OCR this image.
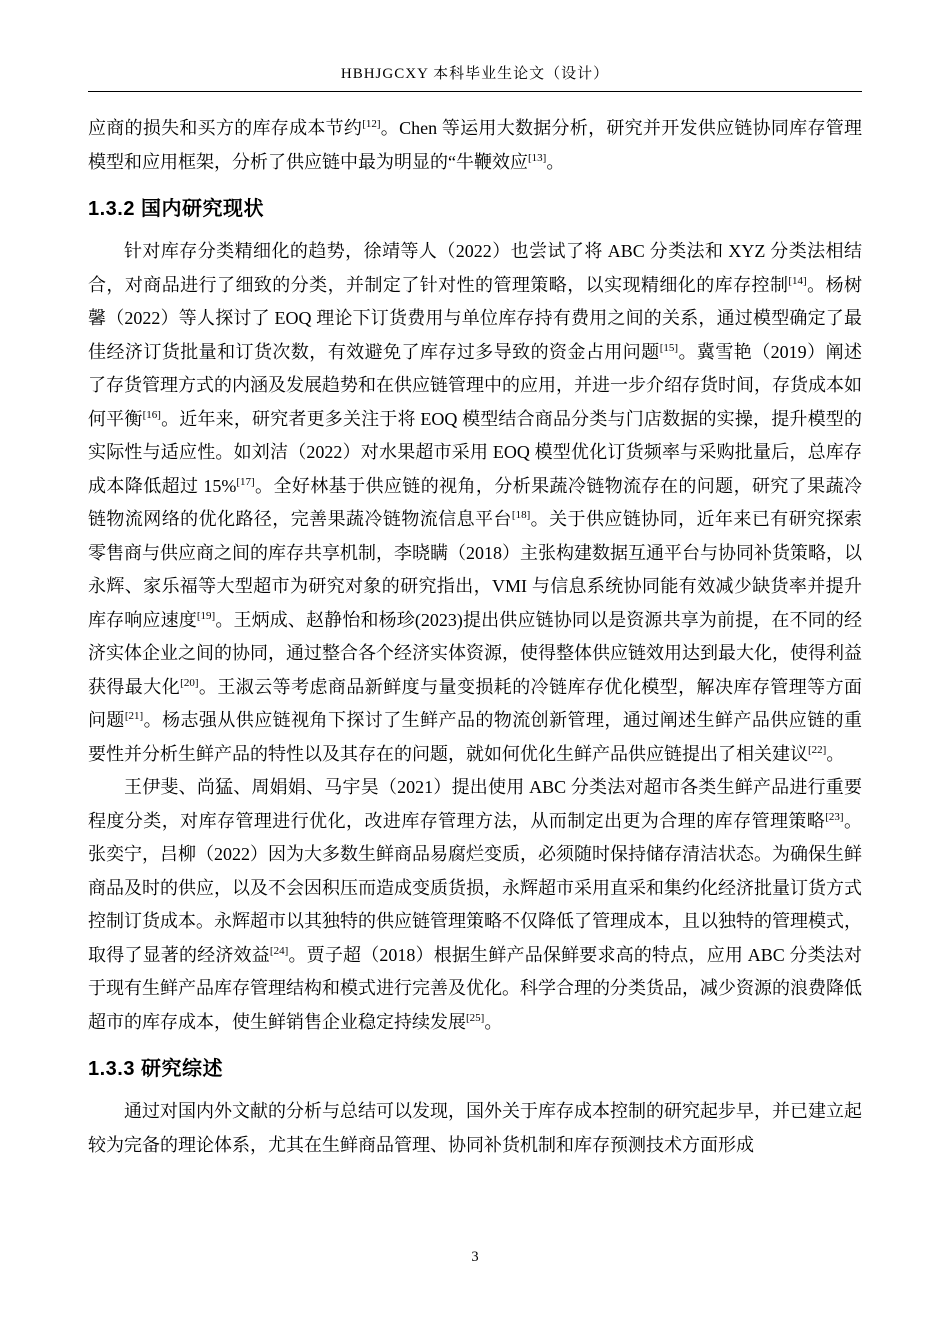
HBHJGCXY 本科毕业生论文（设计）

应商的损失和买方的库存成本节约[12]。Chen 等运用大数据分析，研究并开发供应链协同库存管理模型和应用框架，分析了供应链中最为明显的“牛鞭效应[13]。

1.3.2 国内研究现状

针对库存分类精细化的趋势，徐靖等人（2022）也尝试了将 ABC 分类法和 XYZ 分类法相结合，对商品进行了细致的分类，并制定了针对性的管理策略，以实现精细化的库存控制[14]。杨树馨（2022）等人探讨了 EOQ 理论下订货费用与单位库存持有费用之间的关系，通过模型确定了最佳经济订货批量和订货次数，有效避免了库存过多导致的资金占用问题[15]。冀雪艳（2019）阐述了存货管理方式的内涵及发展趋势和在供应链管理中的应用，并进一步介绍存货时间，存货成本如何平衡[16]。近年来，研究者更多关注于将 EOQ 模型结合商品分类与门店数据的实操，提升模型的实际性与适应性。如刘洁（2022）对水果超市采用 EOQ 模型优化订货频率与采购批量后，总库存成本降低超过 15%[17]。全好林基于供应链的视角，分析果蔬冷链物流存在的问题，研究了果蔬冷链物流网络的优化路径，完善果蔬冷链物流信息平台[18]。关于供应链协同，近年来已有研究探索零售商与供应商之间的库存共享机制，李晓瞒（2018）主张构建数据互通平台与协同补货策略，以永辉、家乐福等大型超市为研究对象的研究指出，VMI 与信息系统协同能有效减少缺货率并提升库存响应速度[19]。王炳成、赵静怡和杨珍(2023)提出供应链协同以是资源共享为前提，在不同的经济实体企业之间的协同，通过整合各个经济实体资源，使得整体供应链效用达到最大化，使得利益获得最大化[20]。王淑云等考虑商品新鲜度与量变损耗的冷链库存优化模型，解决库存管理等方面问题[21]。杨志强从供应链视角下探讨了生鲜产品的物流创新管理，通过阐述生鲜产品供应链的重要性并分析生鲜产品的特性以及其存在的问题，就如何优化生鲜产品供应链提出了相关建议[22]。

王伊斐、尚猛、周娟娟、马宇昊（2021）提出使用 ABC 分类法对超市各类生鲜产品进行重要程度分类，对库存管理进行优化，改进库存管理方法，从而制定出更为合理的库存管理策略[23]。张奕宁，吕柳（2022）因为大多数生鲜商品易腐烂变质，必须随时保持储存清洁状态。为确保生鲜商品及时的供应，以及不会因积压而造成变质货损，永辉超市采用直采和集约化经济批量订货方式控制订货成本。永辉超市以其独特的供应链管理策略不仅降低了管理成本，且以独特的管理模式，取得了显著的经济效益[24]。贾子超（2018）根据生鲜产品保鲜要求高的特点，应用 ABC 分类法对于现有生鲜产品库存管理结构和模式进行完善及优化。科学合理的分类货品，减少资源的浪费降低超市的库存成本，使生鲜销售企业稳定持续发展[25]。

1.3.3 研究综述

通过对国内外文献的分析与总结可以发现，国外关于库存成本控制的研究起步早，并已建立起较为完备的理论体系，尤其在生鲜商品管理、协同补货机制和库存预测技术方面形成

3
